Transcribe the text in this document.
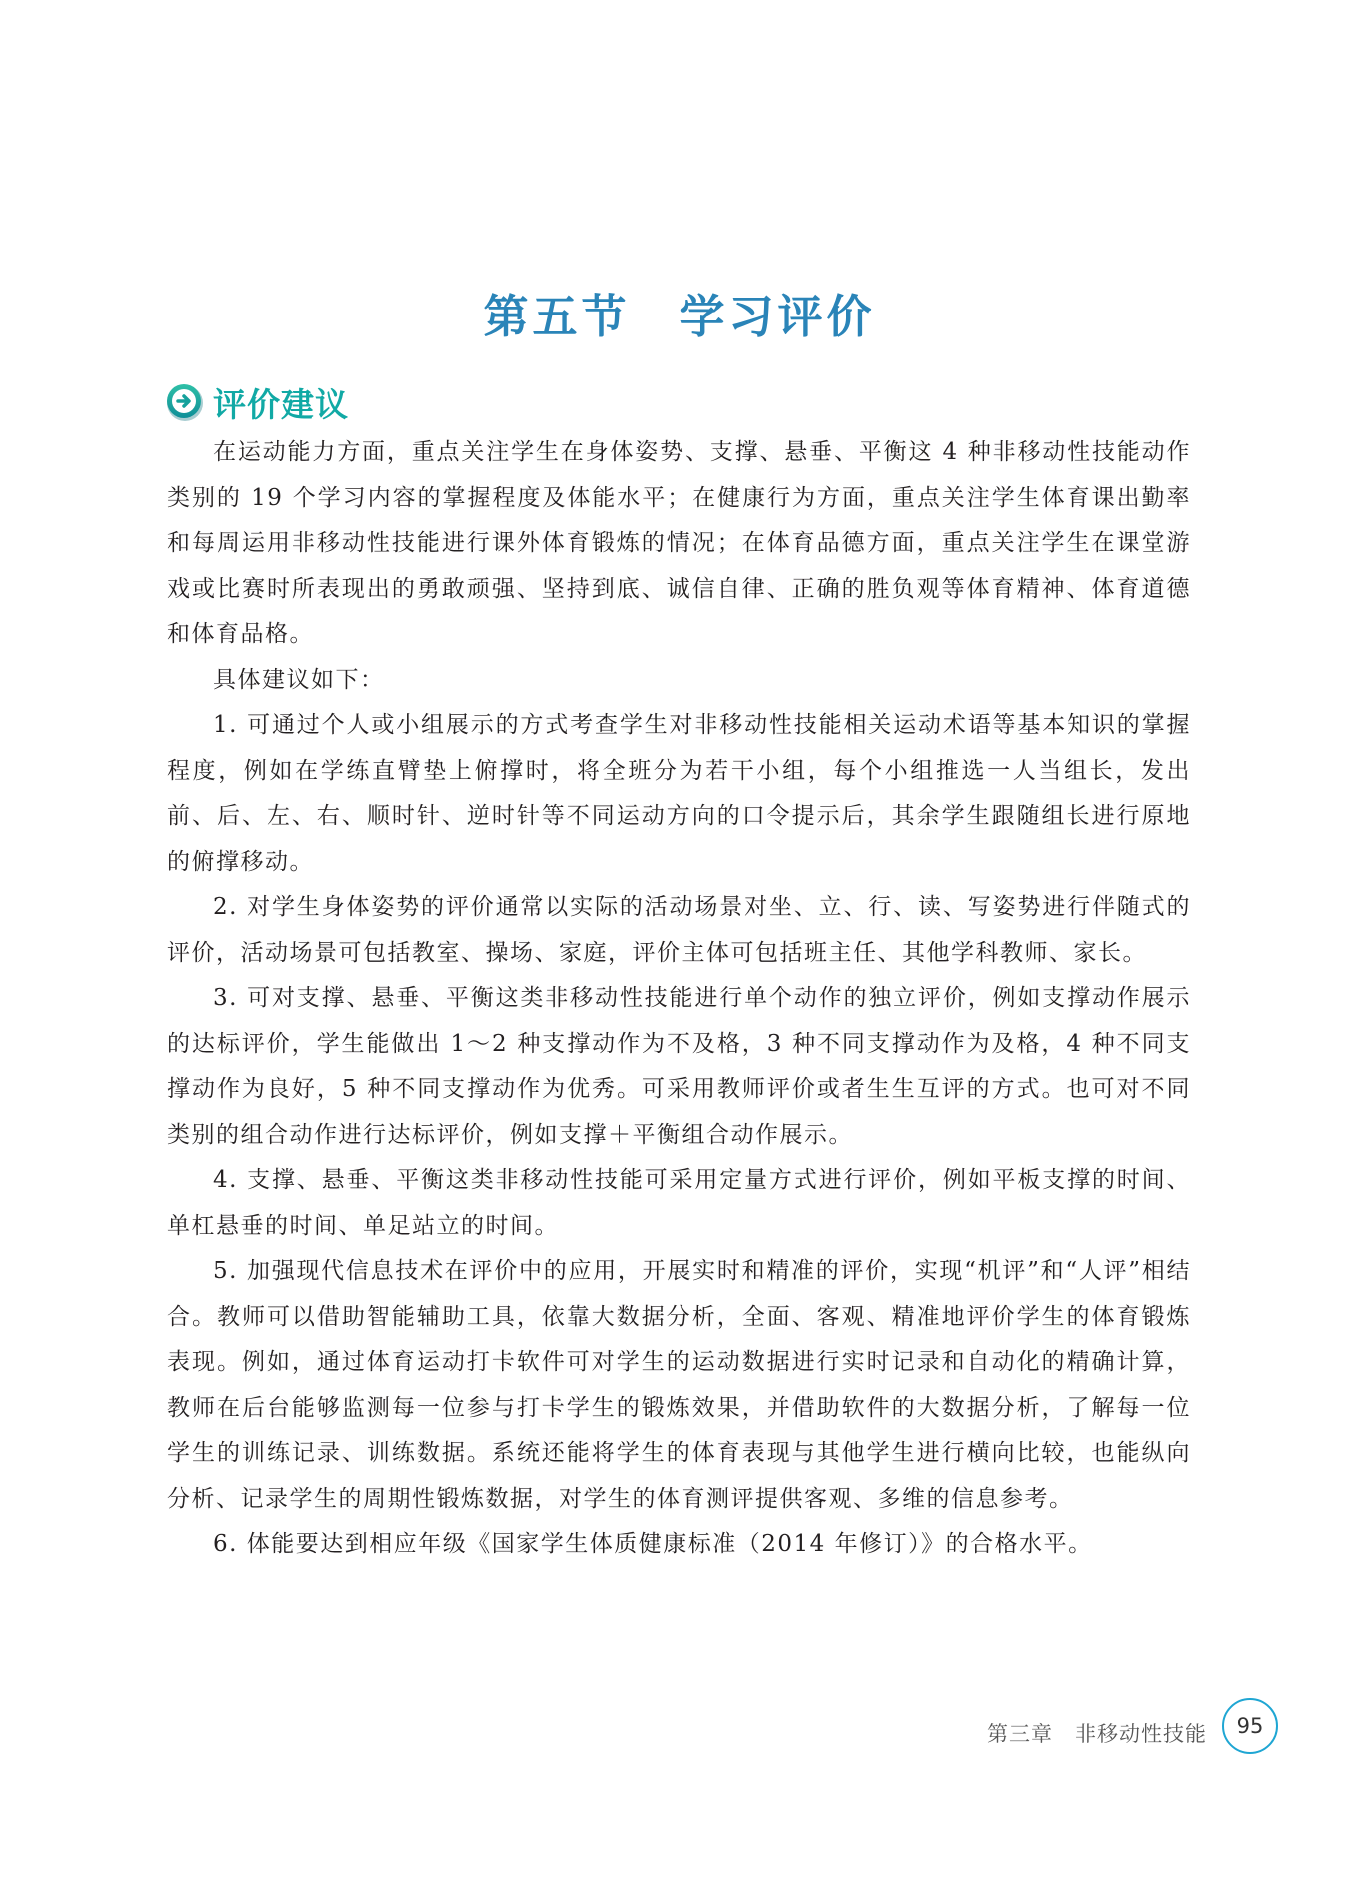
第五节　学习评价
评价建议

在运动能力方面，重点关注学生在身体姿势、支撑、悬垂、平衡这 4 种非移动性技能动作类别的 19 个学习内容的掌握程度及体能水平；在健康行为方面，重点关注学生体育课出勤率和每周运用非移动性技能进行课外体育锻炼的情况；在体育品德方面，重点关注学生在课堂游戏或比赛时所表现出的勇敢顽强、坚持到底、诚信自律、正确的胜负观等体育精神、体育道德和体育品格。

具体建议如下：

1. 可通过个人或小组展示的方式考查学生对非移动性技能相关运动术语等基本知识的掌握程度，例如在学练直臂垫上俯撑时，将全班分为若干小组，每个小组推选一人当组长，发出前、后、左、右、顺时针、逆时针等不同运动方向的口令提示后，其余学生跟随组长进行原地的俯撑移动。

2. 对学生身体姿势的评价通常以实际的活动场景对坐、立、行、读、写姿势进行伴随式的评价，活动场景可包括教室、操场、家庭，评价主体可包括班主任、其他学科教师、家长。

3. 可对支撑、悬垂、平衡这类非移动性技能进行单个动作的独立评价，例如支撑动作展示的达标评价，学生能做出 1～2 种支撑动作为不及格，3 种不同支撑动作为及格，4 种不同支撑动作为良好，5 种不同支撑动作为优秀。可采用教师评价或者生生互评的方式。也可对不同类别的组合动作进行达标评价，例如支撑＋平衡组合动作展示。

4. 支撑、悬垂、平衡这类非移动性技能可采用定量方式进行评价，例如平板支撑的时间、单杠悬垂的时间、单足站立的时间。

5. 加强现代信息技术在评价中的应用，开展实时和精准的评价，实现“机评”和“人评”相结合。教师可以借助智能辅助工具，依靠大数据分析，全面、客观、精准地评价学生的体育锻炼表现。例如，通过体育运动打卡软件可对学生的运动数据进行实时记录和自动化的精确计算，教师在后台能够监测每一位参与打卡学生的锻炼效果，并借助软件的大数据分析，了解每一位学生的训练记录、训练数据。系统还能将学生的体育表现与其他学生进行横向比较，也能纵向分析、记录学生的周期性锻炼数据，对学生的体育测评提供客观、多维的信息参考。

6. 体能要达到相应年级《国家学生体质健康标准（2014 年修订）》的合格水平。

第三章　非移动性技能	95
